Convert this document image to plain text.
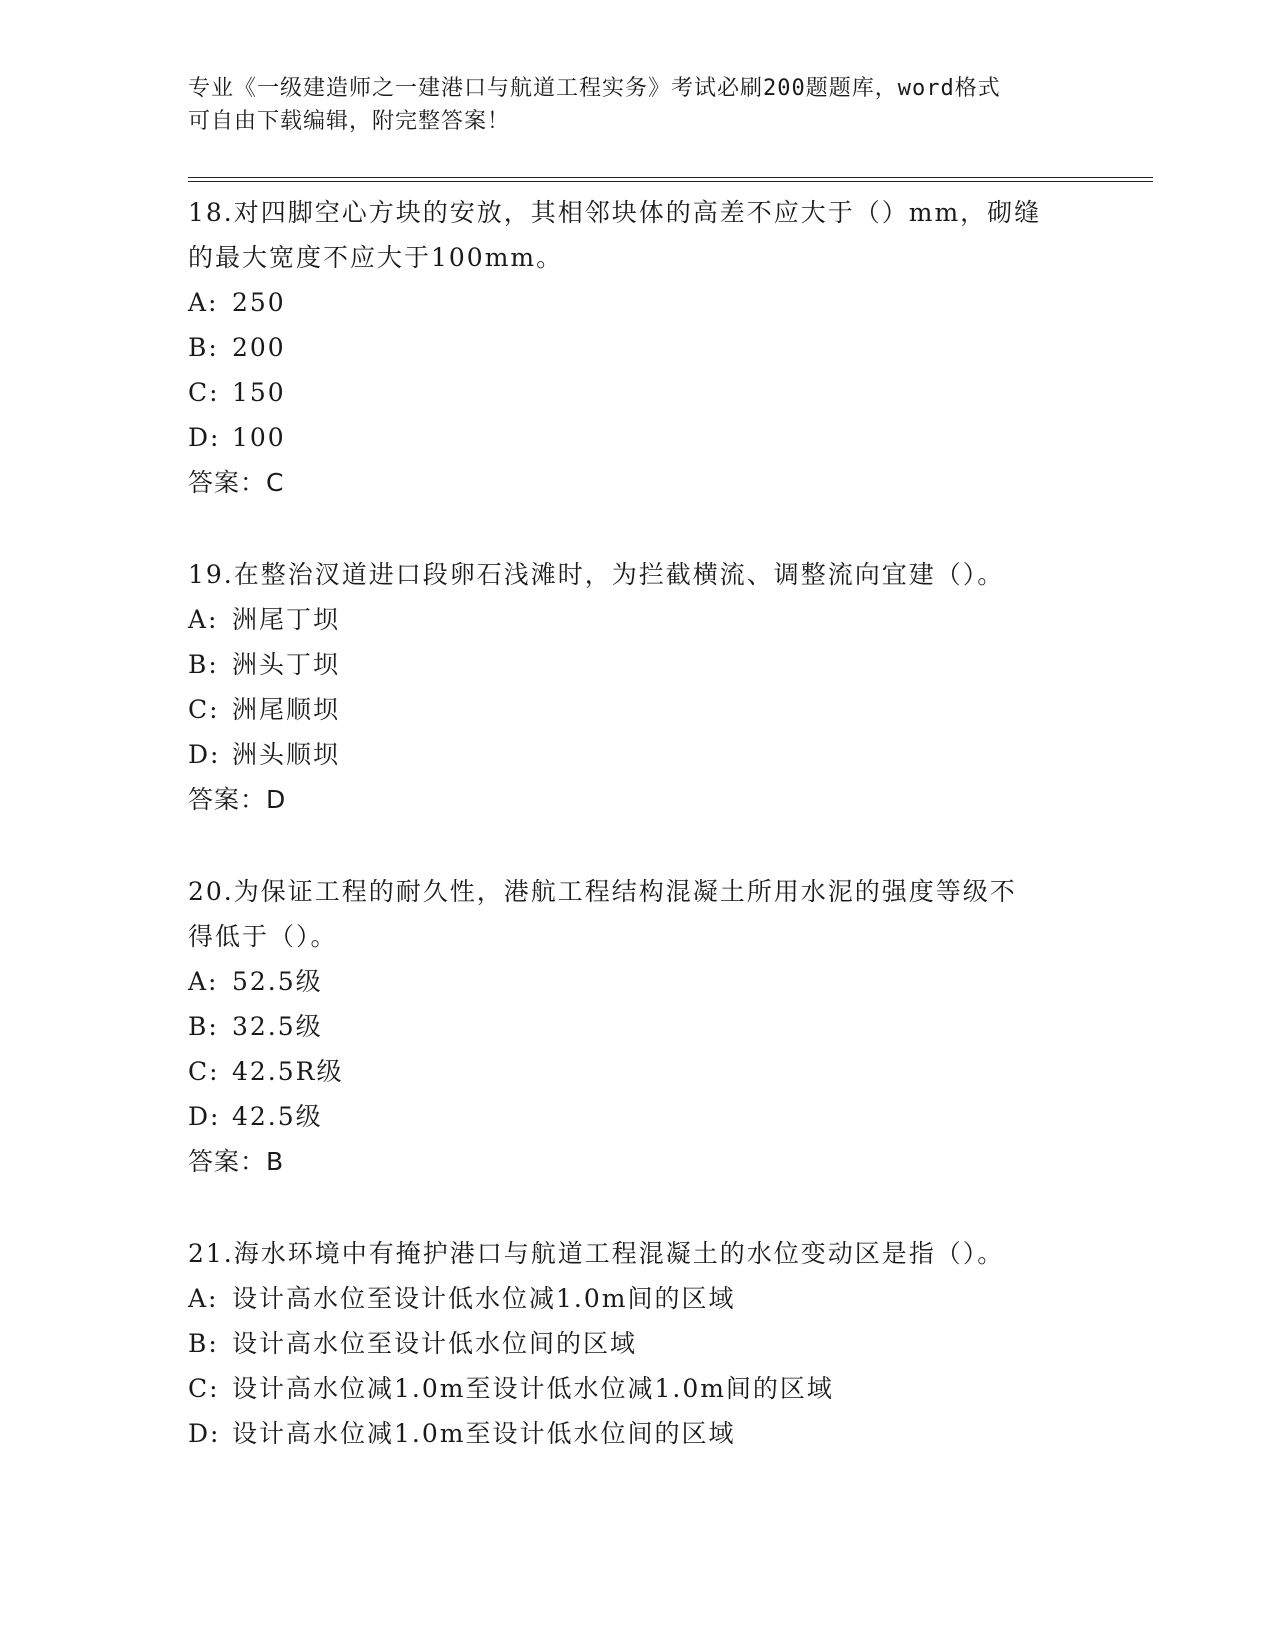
专业《一级建造师之一建港口与航道工程实务》考试必刷200题题库，word格式
可自由下载编辑，附完整答案！
18.对四脚空心方块的安放，其相邻块体的高差不应大于（）mm，砌缝
的最大宽度不应大于100mm。
A: 250
B: 200
C: 150
D: 100
答案：C
19.在整治汊道进口段卵石浅滩时，为拦截横流、调整流向宜建（）。
A: 洲尾丁坝
B: 洲头丁坝
C: 洲尾顺坝
D: 洲头顺坝
答案：D
20.为保证工程的耐久性，港航工程结构混凝土所用水泥的强度等级不
得低于（）。
A: 52.5级
B: 32.5级
C: 42.5R级
D: 42.5级
答案：B
21.海水环境中有掩护港口与航道工程混凝土的水位变动区是指（）。
A: 设计高水位至设计低水位减1.0m间的区域
B: 设计高水位至设计低水位间的区域
C: 设计高水位减1.0m至设计低水位减1.0m间的区域
D: 设计高水位减1.0m至设计低水位间的区域
